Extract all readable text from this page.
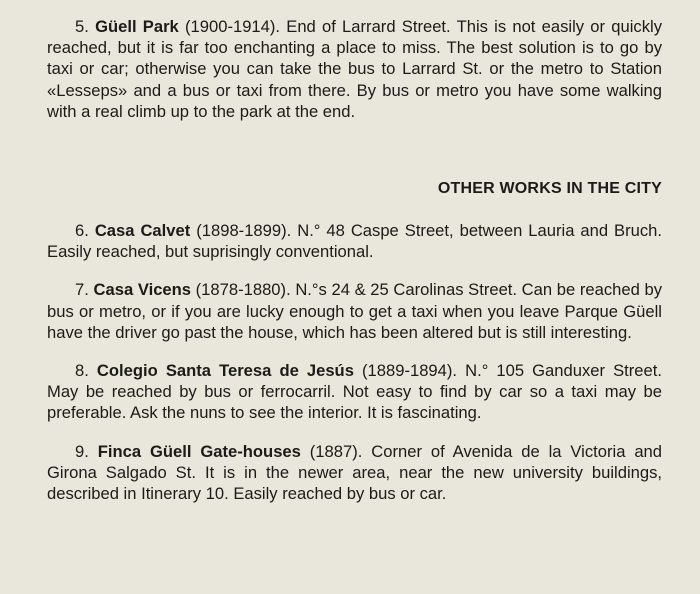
5. Güell Park (1900-1914). End of Larrard Street. This is not easily or quickly reached, but it is far too enchanting a place to miss. The best solution is to go by taxi or car; otherwise you can take the bus to Larrard St. or the metro to Station «Lesseps» and a bus or taxi from there. By bus or metro you have some walking with a real climb up to the park at the end.

OTHER WORKS IN THE CITY

6. Casa Calvet (1898-1899). N.° 48 Caspe Street, between Lauria and Bruch. Easily reached, but suprisingly conventional.

7. Casa Vicens (1878-1880). N.°s 24 & 25 Carolinas Street. Can be reached by bus or metro, or if you are lucky enough to get a taxi when you leave Parque Güell have the driver go past the house, which has been altered but is still interesting.

8. Colegio Santa Teresa de Jesús (1889-1894). N.° 105 Ganduxer Street. May be reached by bus or ferrocarril. Not easy to find by car so a taxi may be preferable. Ask the nuns to see the interior. It is fascinating.

9. Finca Güell Gate-houses (1887). Corner of Avenida de la Victoria and Girona Salgado St. It is in the newer area, near the new university buildings, described in Itinerary 10. Easily reached by bus or car.
